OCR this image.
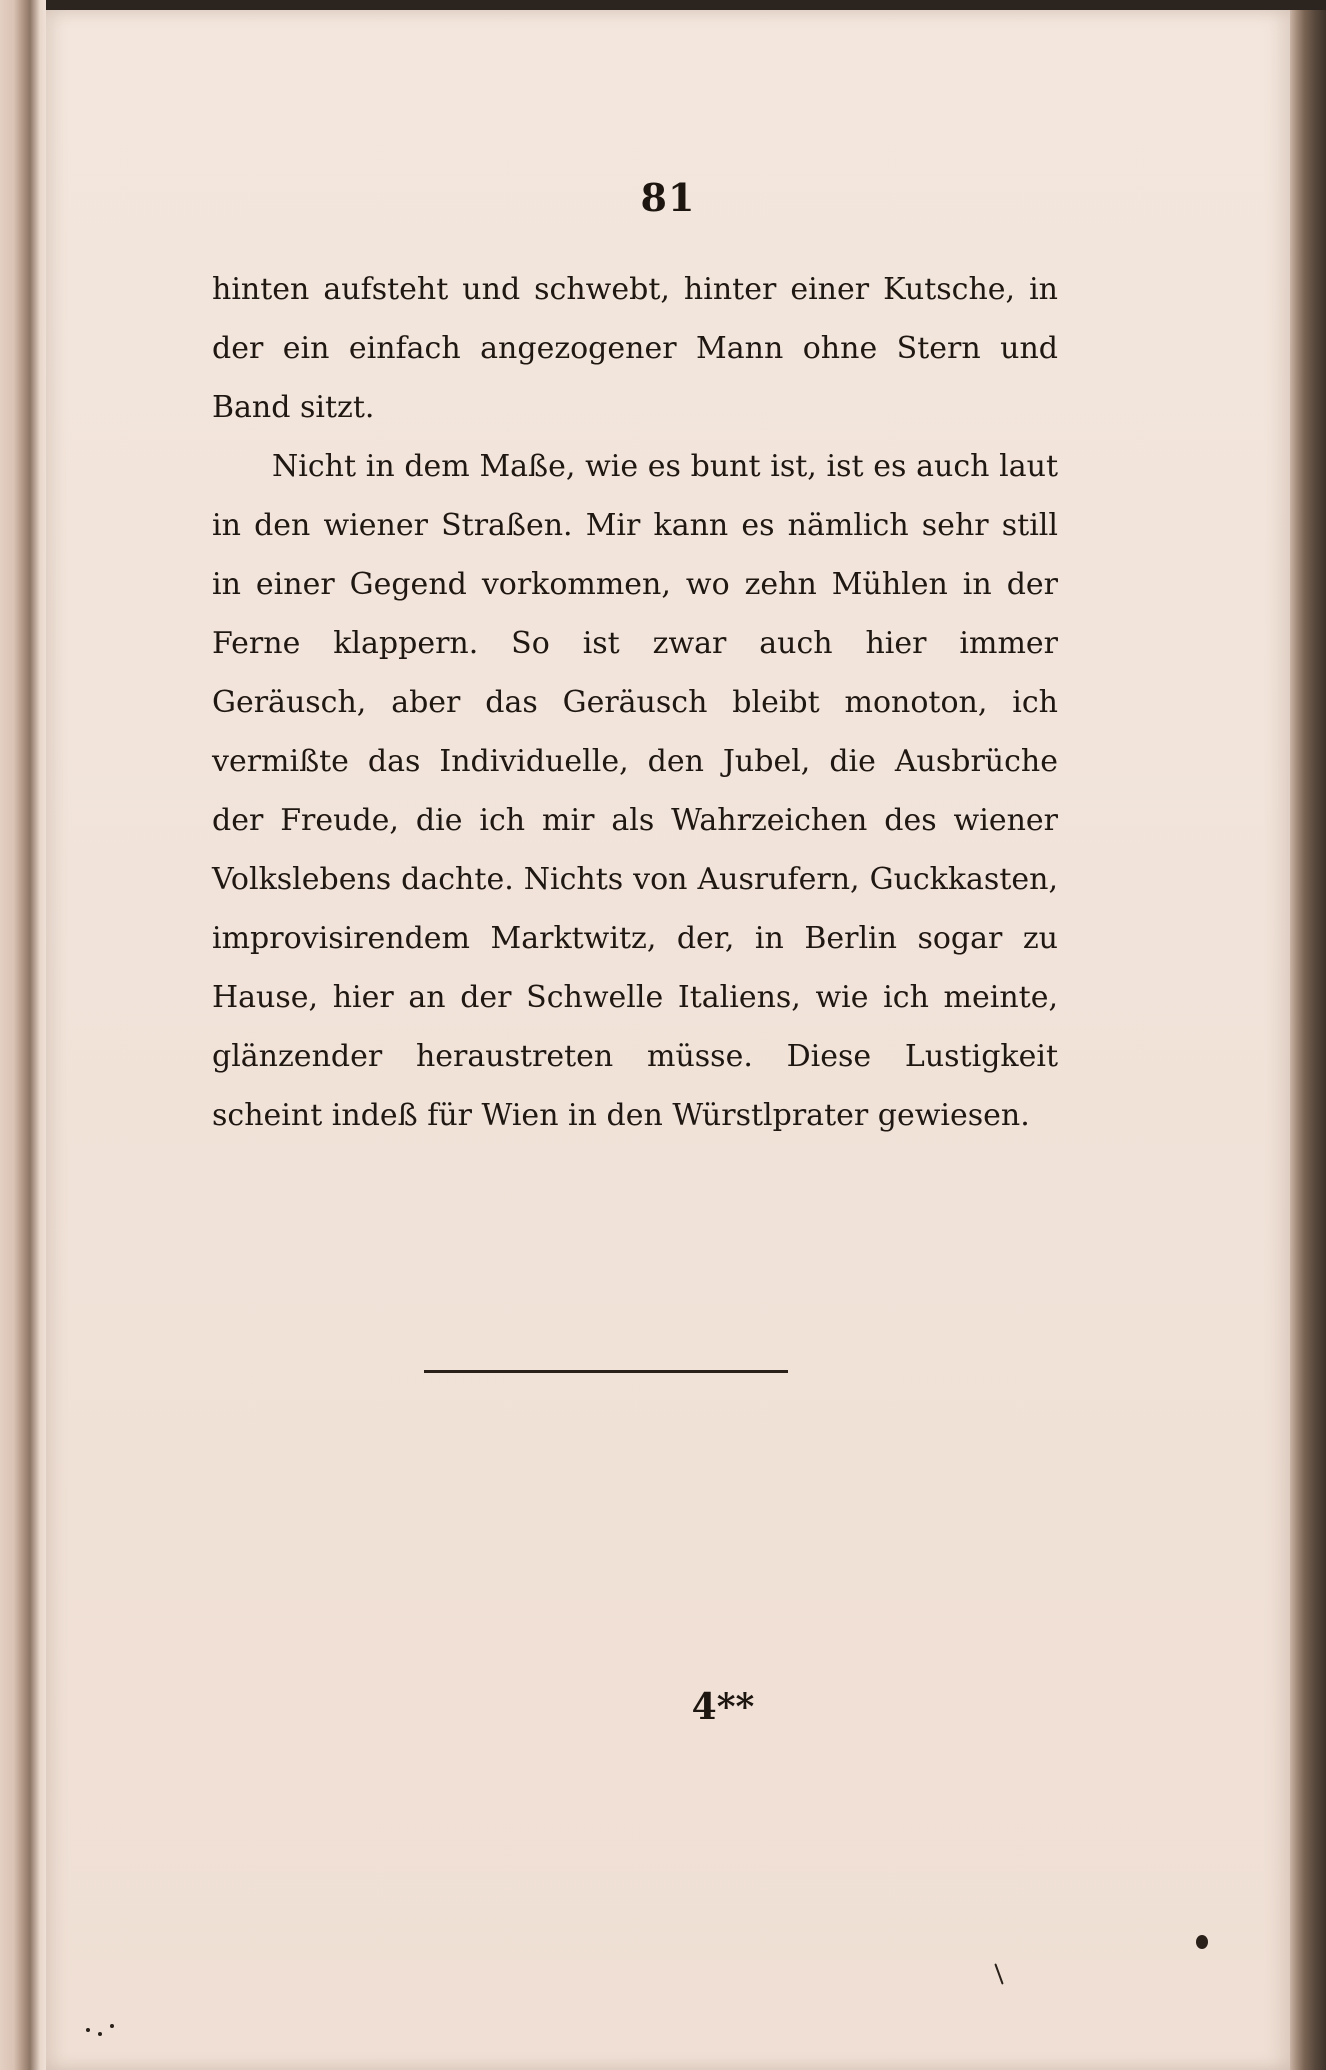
81

hinten aufsteht und schwebt, hinter einer Kutsche, in der ein einfach angezogener Mann ohne Stern und Band sitzt.

Nicht in dem Maße, wie es bunt ist, ist es auch laut in den wiener Straßen. Mir kann es nämlich sehr still in einer Gegend vorkommen, wo zehn Mühlen in der Ferne klappern. So ist zwar auch hier immer Geräusch, aber das Geräusch bleibt monoton, ich vermißte das Individuelle, den Jubel, die Ausbrüche der Freude, die ich mir als Wahrzeichen des wiener Volkslebens dachte. Nichts von Ausrufern, Guckkasten, improvisirendem Marktwitz, der, in Berlin sogar zu Hause, hier an der Schwelle Italiens, wie ich meinte, glänzender heraustreten müsse. Diese Lustigkeit scheint indeß für Wien in den Würstlprater gewiesen.

4**
